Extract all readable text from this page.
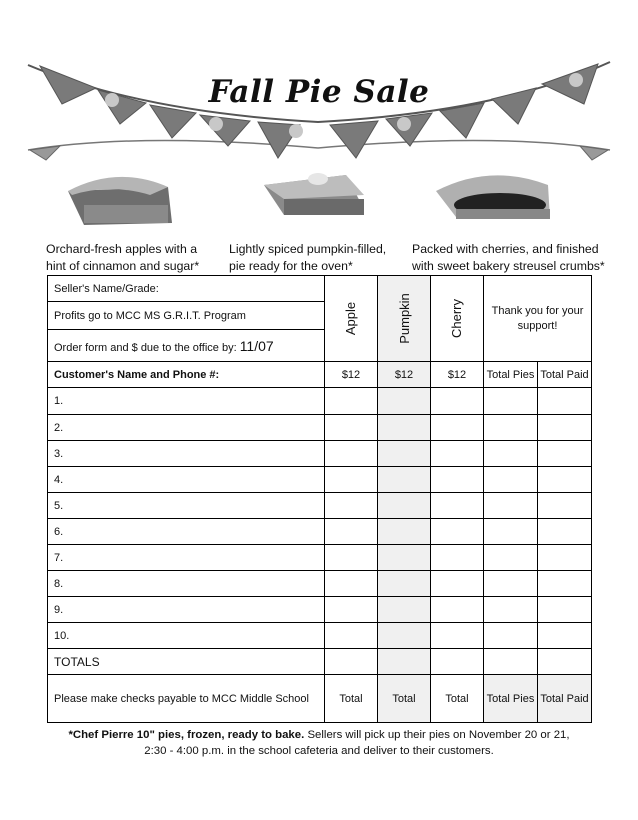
Fall Pie Sale
Orchard-fresh apples with a
hint of cinnamon and sugar*
Lightly spiced pumpkin-filled,
pie ready for the oven*
Packed with cherries, and finished
with sweet bakery streusel crumbs*
Seller's Name/Grade:	Apple	Pumpkin	Cherry	Thank you for your support!	
Profits go to MCC MS G.R.I.T. Program					
Order form and $ due to the office by: 11/07					
Customer's Name and Phone #:	$12	$12	$12	Total Pies	Total Paid
1.					
2.					
3.					
4.					
5.					
6.					
7.					
8.					
9.					
10.					
TOTALS					
Please make checks payable to MCC Middle School	Total	Total	Total	Total Pies	Total Paid
*Chef Pierre 10" pies, frozen, ready to bake. Sellers will pick up their pies on November 20 or 21,
2:30 - 4:00 p.m. in the school cafeteria and deliver to their customers.
